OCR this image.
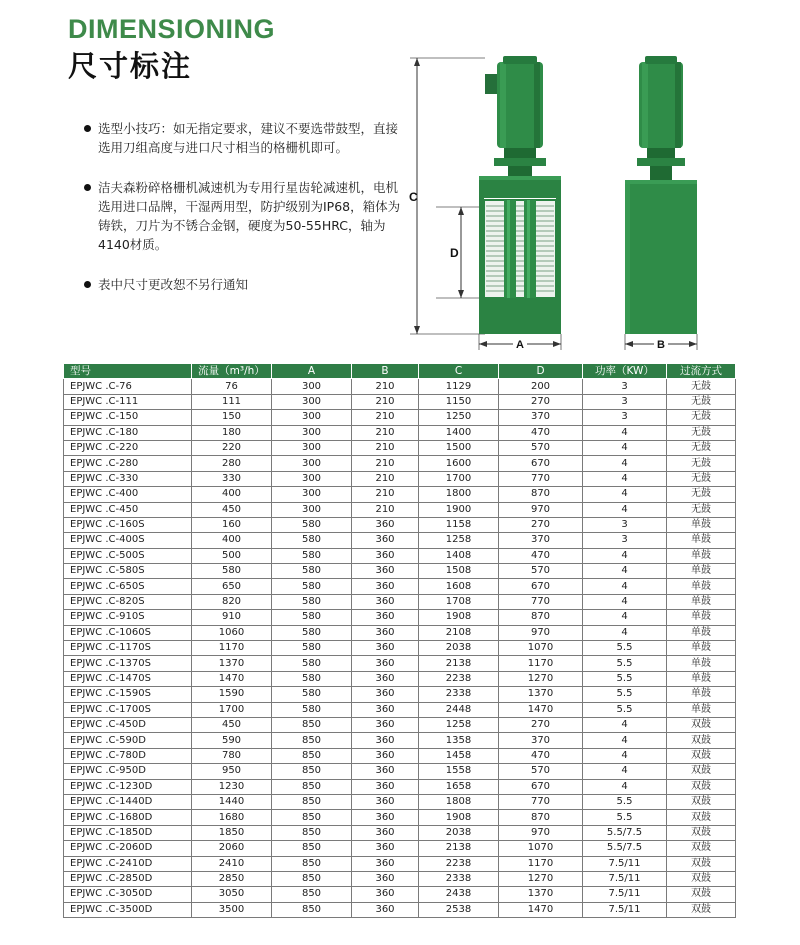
DIMENSIONING
尺寸标注
选型小技巧：如无指定要求，建议不要选带鼓型，直接选用刀组高度与进口尺寸相当的格栅机即可。
洁夫森粉碎格栅机减速机为专用行星齿轮减速机，电机选用进口品牌，干湿两用型，防护级别为IP68，箱体为铸铁，刀片为不锈合金钢，硬度为50-55HRC，轴为4140材质。
表中尺寸更改恕不另行通知
C
D
A	B
型号	流量（m³/h）	A	B	C	D	功率（KW）	过流方式
EPJWC .C-76	76	300	210	1129	200	3	无鼓
EPJWC .C-111	111	300	210	1150	270	3	无鼓
EPJWC .C-150	150	300	210	1250	370	3	无鼓
EPJWC .C-180	180	300	210	1400	470	4	无鼓
EPJWC .C-220	220	300	210	1500	570	4	无鼓
EPJWC .C-280	280	300	210	1600	670	4	无鼓
EPJWC .C-330	330	300	210	1700	770	4	无鼓
EPJWC .C-400	400	300	210	1800	870	4	无鼓
EPJWC .C-450	450	300	210	1900	970	4	无鼓
EPJWC .C-160S	160	580	360	1158	270	3	单鼓
EPJWC .C-400S	400	580	360	1258	370	3	单鼓
EPJWC .C-500S	500	580	360	1408	470	4	单鼓
EPJWC .C-580S	580	580	360	1508	570	4	单鼓
EPJWC .C-650S	650	580	360	1608	670	4	单鼓
EPJWC .C-820S	820	580	360	1708	770	4	单鼓
EPJWC .C-910S	910	580	360	1908	870	4	单鼓
EPJWC .C-1060S	1060	580	360	2108	970	4	单鼓
EPJWC .C-1170S	1170	580	360	2038	1070	5.5	单鼓
EPJWC .C-1370S	1370	580	360	2138	1170	5.5	单鼓
EPJWC .C-1470S	1470	580	360	2238	1270	5.5	单鼓
EPJWC .C-1590S	1590	580	360	2338	1370	5.5	单鼓
EPJWC .C-1700S	1700	580	360	2448	1470	5.5	单鼓
EPJWC .C-450D	450	850	360	1258	270	4	双鼓
EPJWC .C-590D	590	850	360	1358	370	4	双鼓
EPJWC .C-780D	780	850	360	1458	470	4	双鼓
EPJWC .C-950D	950	850	360	1558	570	4	双鼓
EPJWC .C-1230D	1230	850	360	1658	670	4	双鼓
EPJWC .C-1440D	1440	850	360	1808	770	5.5	双鼓
EPJWC .C-1680D	1680	850	360	1908	870	5.5	双鼓
EPJWC .C-1850D	1850	850	360	2038	970	5.5/7.5	双鼓
EPJWC .C-2060D	2060	850	360	2138	1070	5.5/7.5	双鼓
EPJWC .C-2410D	2410	850	360	2238	1170	7.5/11	双鼓
EPJWC .C-2850D	2850	850	360	2338	1270	7.5/11	双鼓
EPJWC .C-3050D	3050	850	360	2438	1370	7.5/11	双鼓
EPJWC .C-3500D	3500	850	360	2538	1470	7.5/11	双鼓
